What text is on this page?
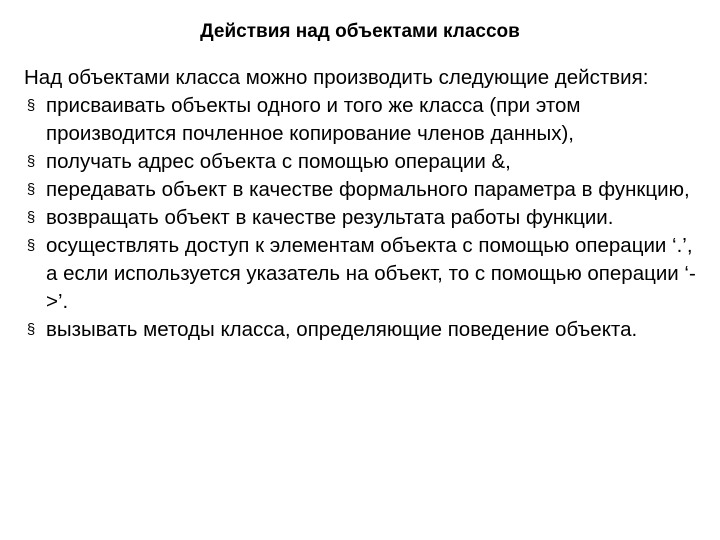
Действия над объектами классов

Над объектами класса можно производить следующие действия:

§ присваивать объекты одного и того же класса (при этом производится почленное копирование членов данных),
§ получать адрес объекта с помощью операции &,
§ передавать объект в качестве формального параметра в функцию,
§ возвращать объект в качестве результата работы функции.
§ осуществлять доступ к элементам объекта с помощью операции ‘.’, а если используется указатель на объект, то с помощью операции ‘->’.
§ вызывать методы класса, определяющие поведение объекта.
